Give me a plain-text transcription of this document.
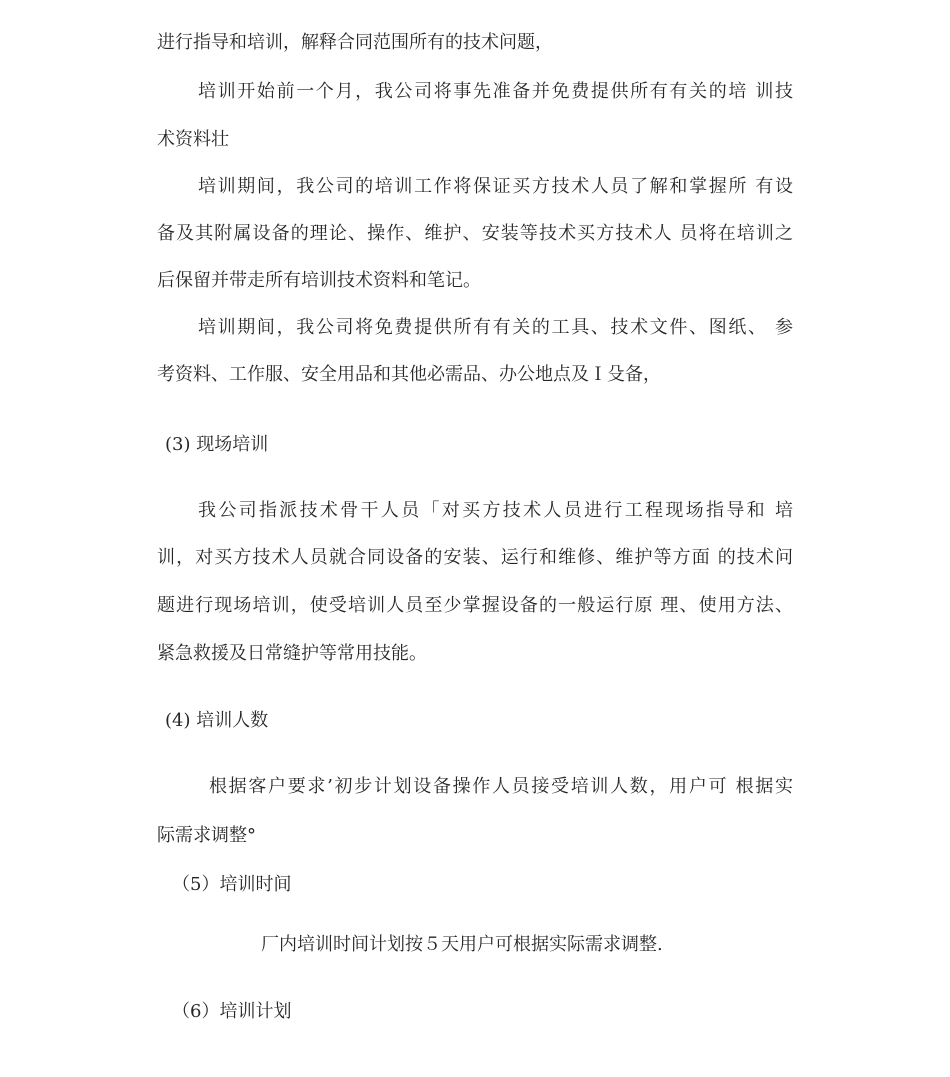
进行指导和培训，解释合同范围所有的技术问题，
培训开始前一个月，我公司将事先准备并免费提供所有有关的培 训技
术资料壮
培训期间，我公司的培训工作将保证买方技术人员了解和掌握所 有设
备及其附属设备的理论、操作、维护、安装等技术买方技术人 员将在培训之
后保留并带走所有培训技术资料和笔记。
培训期间，我公司将免费提供所有有关的工具、技术文件、图纸、 参
考资料、工作服、安全用品和其他必需品、办公地点及Ｉ殳备，
(3) 现场培训
我公司指派技术骨干人员「对买方技术人员进行工程现场指导和 培
训，对买方技术人员就合同设备的安装、运行和维修、维护等方面 的技术问
题进行现场培训，使受培训人员至少掌握设备的一般运行原 理、使用方法、
紧急救援及日常缝护等常用技能。
(4) 培训人数
根据客户要求’初步计划设备操作人员接受培训人数，用户可 根据实
际需求调整°
（5）培训时间
厂内培训时间计划按５天用户可根据实际需求调整.
（6）培训计划
